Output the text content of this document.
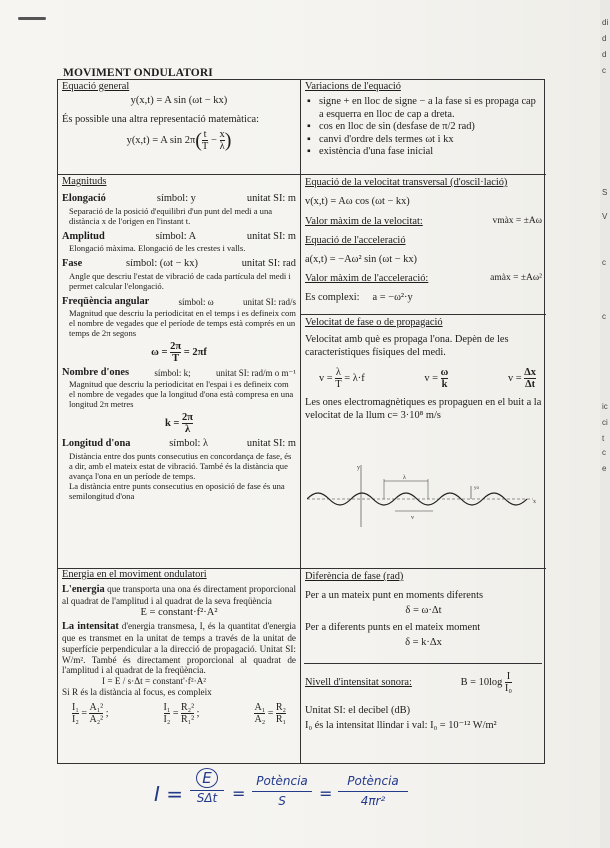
MOVIMENT ONDULATORI
Equació general
y(x,t) = A sin (ωt − kx)
És possible una altra representació matemàtica:
y(x,t) = A $\sin 2\pi( \frac{t}{T} - \frac{x}{\lambda}$ )
Variacions de l'equació
▪ signe + en lloc de signe − a la fase si es propaga cap a esquerra en lloc de cap a dreta.
▪ cos en lloc de sin (desfase de π/2 rad)
▪ canvi d'ordre dels termes ωt i kx
▪ existència d'una fase inicial
Magnituds
Elongació	símbol: y	unitat SI: m
Separació de la posició d'equilibri d'un punt del medi a una distància x de l'origen en l'instant t.
Amplitud	símbol: A	unitat SI: m
Elongació màxima. Elongació de les crestes i valls.
Fase	símbol: (ωt − kx)	unitat SI: rad
Angle que descriu l'estat de vibració de cada partícula del medi i permet calcular l'elongació.
Freqüència angular	símbol: ω	unitat SI: rad/s
Magnitud que descriu la periodicitat en el temps i es defineix com el nombre de vegades que el període de temps està comprés en un temps de 2π segons
$\omega = \frac{2\pi}{T} = 2\pi f$
Nombre d'ones	símbol: k;	unitat SI: rad/m o m⁻¹
Magnitud que descriu la periodicitat en l'espai i es defineix com el nombre de vegades que la longitud d'ona està compresa en una longitud 2π metres
$k = \frac{2\pi}{\lambda}$
Longitud d'ona	símbol: λ	unitat SI: m
Distància entre dos punts consecutius en concordança de fase, és a dir, amb el mateix estat de vibració. També és la distància que avança l'ona en un període de temps.
La distància entre punts consecutius en oposició de fase és una semilongitud d'ona
Equació de la velocitat transversal (d'oscil·lació)
v(x,t) = Aω cos (ωt − kx)
Valor màxim de la velocitat:	vmàx = ±Aω
Equació de l'acceleració
a(x,t) = −Aω² sin (ωt − kx)
Valor màxim de l'acceleració:	amàx = ±Aω²
Es complexi: a = −ω²·y
Velocitat de fase o de propagació
Velocitat amb què es propaga l'ona. Depèn de les característiques físiques del medi.
$v = \frac{\lambda}{T} = \lambda\cdot f$	$v = \frac{\omega}{k}$	$v = \frac{\Delta x}{\Delta t}$
Les ones electromagnètiques es propaguen en el buit a la velocitat de la llum c= 3·10⁸ m/s
y
x
λ
yo
v
Energia en el moviment ondulatori
L'energia que transporta una ona és directament proporcional al quadrat de l'amplitud i al quadrat de la seva freqüència
E = constant·f²·A²
La intensitat d'energia transmesa, I, és la quantitat d'energia que es transmet en la unitat de temps a través de la unitat de superfície perpendicular a la direcció de propagació. Unitat SI: W/m². També és directament proporcional al quadrat de l'amplitud i al quadrat de la freqüència.
I = E / s·Δt = constant'·f²·A²
Si R és la distància al focus, es compleix
$\frac{\text{I₁}}{\text{I₂}} = \frac{\text{A₁²}}{\text{A₂²}}$ ;	$\frac{\text{I₁}}{\text{I₂}} = \frac{\text{R₂²}}{\text{R₁²}}$ ;	$\frac{\text{A₁}}{\text{A₂}} = \frac{\text{R₂}}{\text{R₁}}$
Diferència de fase (rad)
Per a un mateix punt en moments diferents
δ = ω·Δt
Per a diferents punts en el mateix moment
δ = k·Δx
Nivell d'intensitat sonora:	$B = 10\log \frac{I}{\text{I₀}}$
Unitat SI: el decibel (dB)
I₀ és la intensitat llindar i val: I₀ = 10⁻¹² W/m²
I =
E
SΔt =
Potència
S	=
Potència
4πr²
di
d
d
c
S
V
c
c
ic
ci
t
c
e
